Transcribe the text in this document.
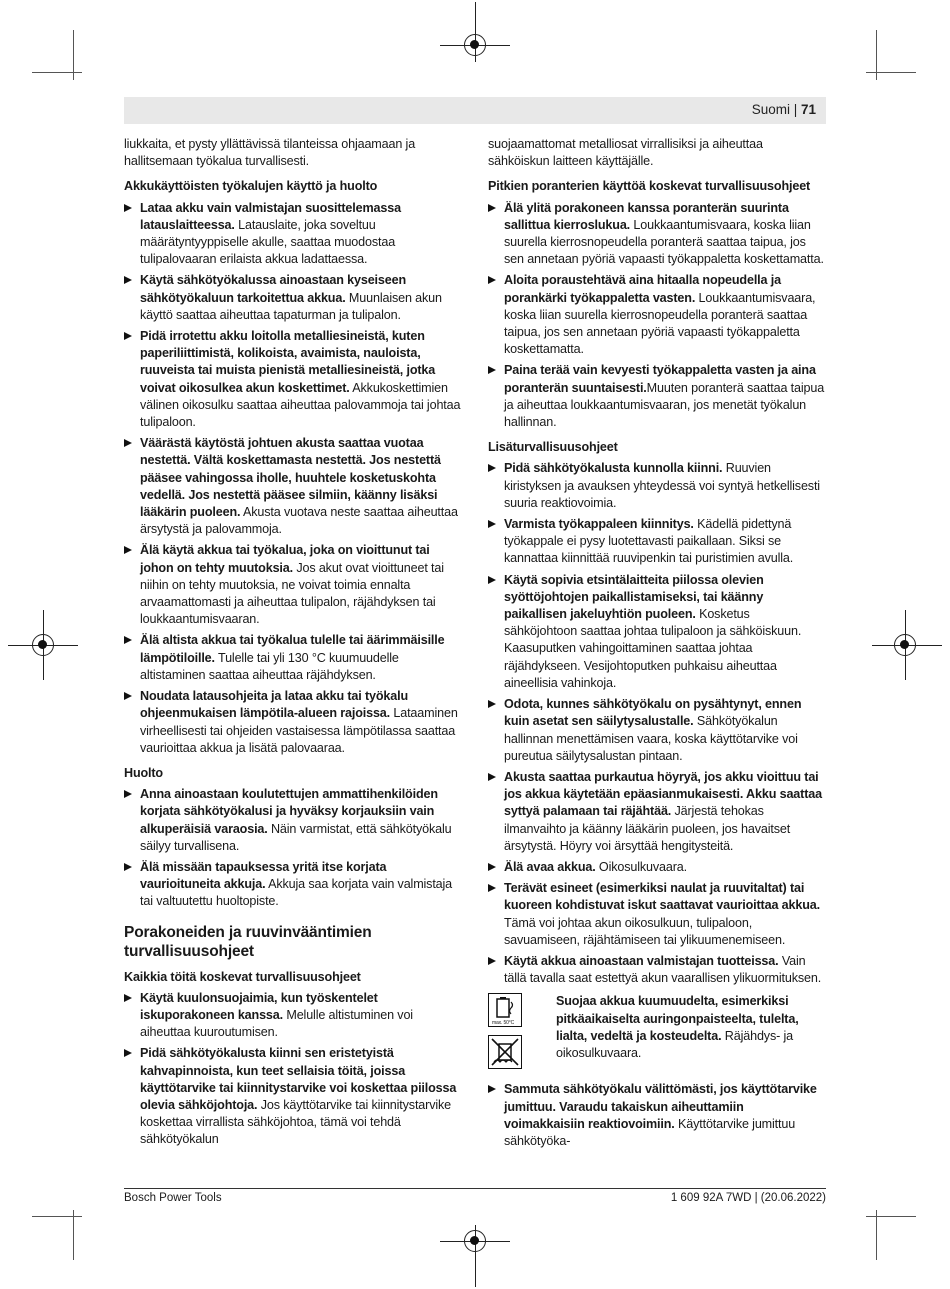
Suomi | 71

liukkaita, et pysty yllättävissä tilanteissa ohjaamaan ja hallitsemaan työkalua turvallisesti.

Akkukäyttöisten työkalujen käyttö ja huolto
Lataa akku vain valmistajan suosittelemassa latauslaitteessa. Latauslaite, joka soveltuu määrätyntyyppiselle akulle, saattaa muodostaa tulipalovaaran erilaista akkua ladattaessa.
Käytä sähkötyökalussa ainoastaan kyseiseen sähkötyökaluun tarkoitettua akkua. Muunlaisen akun käyttö saattaa aiheuttaa tapaturman ja tulipalon.
Pidä irrotettu akku loitolla metalliesineistä, kuten paperiliittimistä, kolikoista, avaimista, nauloista, ruuveista tai muista pienistä metalliesineistä, jotka voivat oikosulkea akun koskettimet. Akkukoskettimien välinen oikosulku saattaa aiheuttaa palovammoja tai johtaa tulipaloon.
Väärästä käytöstä johtuen akusta saattaa vuotaa nestettä. Vältä koskettamasta nestettä. Jos nestettä pääsee vahingossa iholle, huuhtele kosketuskohta vedellä. Jos nestettä pääsee silmiin, käänny lisäksi lääkärin puoleen. Akusta vuotava neste saattaa aiheuttaa ärsytystä ja palovammoja.
Älä käytä akkua tai työkalua, joka on vioittunut tai johon on tehty muutoksia. Jos akut ovat vioittuneet tai niihin on tehty muutoksia, ne voivat toimia ennalta arvaamattomasti ja aiheuttaa tulipalon, räjähdyksen tai loukkaantumisvaaran.
Älä altista akkua tai työkalua tulelle tai äärimmäisille lämpötiloille. Tulelle tai yli 130 °C kuumuudelle altistaminen saattaa aiheuttaa räjähdyksen.
Noudata latausohjeita ja lataa akku tai työkalu ohjeenmukaisen lämpötila-alueen rajoissa. Lataaminen virheellisesti tai ohjeiden vastaisessa lämpötilassa saattaa vaurioittaa akkua ja lisätä palovaaraa.
Huolto
Anna ainoastaan koulutettujen ammattihenkilöiden korjata sähkötyökalusi ja hyväksy korjauksiin vain alkuperäisiä varaosia. Näin varmistat, että sähkötyökalu säilyy turvallisena.
Älä missään tapauksessa yritä itse korjata vaurioituneita akkuja. Akkuja saa korjata vain valmistaja tai valtuutettu huoltopiste.
Porakoneiden ja ruuvinvääntimien turvallisuusohjeet
Kaikkia töitä koskevat turvallisuusohjeet
Käytä kuulonsuojaimia, kun työskentelet iskuporakoneen kanssa. Melulle altistuminen voi aiheuttaa kuuroutumisen.
Pidä sähkötyökalusta kiinni sen eristetyistä kahvapinnoista, kun teet sellaisia töitä, joissa käyttötarvike tai kiinnitystarvike voi koskettaa piilossa olevia sähköjohtoja. Jos käyttötarvike tai kiinnitystarvike koskettaa virrallista sähköjohtoa, tämä voi tehdä sähkötyökalun

suojaamattomat metalliosat virrallisiksi ja aiheuttaa sähköiskun laitteen käyttäjälle.

Pitkien poranterien käyttöä koskevat turvallisuusohjeet
Älä ylitä porakoneen kanssa poranterän suurinta sallittua kierroslukua. Loukkaantumisvaara, koska liian suurella kierrosnopeudella poranterä saattaa taipua, jos sen annetaan pyöriä vapaasti työkappaletta koskettamatta.
Aloita poraustehtävä aina hitaalla nopeudella ja porankärki työkappaletta vasten. Loukkaantumisvaara, koska liian suurella kierrosnopeudella poranterä saattaa taipua, jos sen annetaan pyöriä vapaasti työkappaletta koskettamatta.
Paina terää vain kevyesti työkappaletta vasten ja aina poranterän suuntaisesti.Muuten poranterä saattaa taipua ja aiheuttaa loukkaantumisvaaran, jos menetät työkalun hallinnan.
Lisäturvallisuusohjeet
Pidä sähkötyökalusta kunnolla kiinni. Ruuvien kiristyksen ja avauksen yhteydessä voi syntyä hetkellisesti suuria reaktiovoimia.
Varmista työkappaleen kiinnitys. Kädellä pidettynä työkappale ei pysy luotettavasti paikallaan. Siksi se kannattaa kiinnittää ruuvipenkin tai puristimien avulla.
Käytä sopivia etsintälaitteita piilossa olevien syöttöjohtojen paikallistamiseksi, tai käänny paikallisen jakeluyhtiön puoleen. Kosketus sähköjohtoon saattaa johtaa tulipaloon ja sähköiskuun. Kaasuputken vahingoittaminen saattaa johtaa räjähdykseen. Vesijohtoputken puhkaisu aiheuttaa aineellisia vahinkoja.
Odota, kunnes sähkötyökalu on pysähtynyt, ennen kuin asetat sen säilytysalustalle. Sähkötyökalun hallinnan menettämisen vaara, koska käyttötarvike voi pureutua säilytysalustan pintaan.
Akusta saattaa purkautua höyryä, jos akku vioittuu tai jos akkua käytetään epäasianmukaisesti. Akku saattaa syttyä palamaan tai räjähtää. Järjestä tehokas ilmanvaihto ja käänny lääkärin puoleen, jos havaitset ärsytystä. Höyry voi ärsyttää hengitysteitä.
Älä avaa akkua. Oikosulkuvaara.
Terävät esineet (esimerkiksi naulat ja ruuvitaltat) tai kuoreen kohdistuvat iskut saattavat vaurioittaa akkua. Tämä voi johtaa akun oikosulkuun, tulipaloon, savuamiseen, räjähtämiseen tai ylikuumenemiseen.
Käytä akkua ainoastaan valmistajan tuotteissa. Vain tällä tavalla saat estettyä akun vaarallisen ylikuormituksen.
max. 50°C
Suojaa akkua kuumuudelta, esimerkiksi pitkäaikaiselta auringonpaisteelta, tulelta, lialta, vedeltä ja kosteudelta. Räjähdys- ja oikosulkuvaara.
Sammuta sähkötyökalu välittömästi, jos käyttötarvike jumittuu. Varaudu takaiskun aiheuttamiin voimakkaisiin reaktiovoimiin. Käyttötarvike jumittuu sähkötyöka-
Bosch Power Tools	1 609 92A 7WD | (20.06.2022)
